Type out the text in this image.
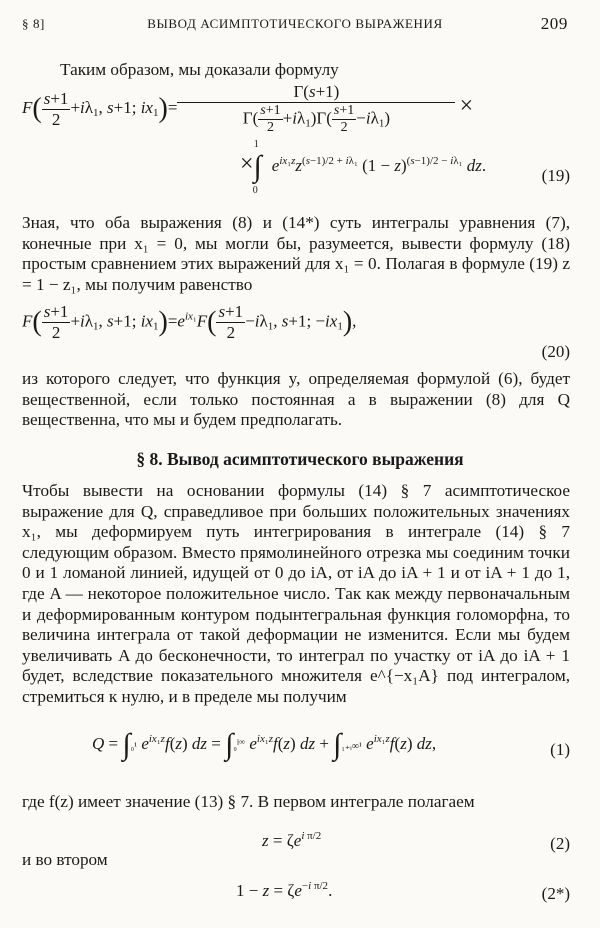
§ 8]	ВЫВОД АСИМПТОТИЧЕСКОГО ВЫРАЖЕНИЯ	209
Таким образом, мы доказали формулу
$F( \frac{s+1}{2} +i\lambda_1$, s+1; $ix_1)= \frac{\Gamma(s+1)}{\Gamma( \frac{s+1}{2} +i\lambda_1)\Gamma( \frac{s+1}{2} -i\lambda_1)}$ ×
$\times\int^1_0e^{ix_1z}z^{(s-1)/2 + i\lambda_1}$ $(1 - z)^{(s-1)/2 - i\lambda_1}$ dz.
(19)
Зная, что оба выражения (8) и (14*) суть интегралы уравнения (7), конечные при x₁ = 0, мы могли бы, разумеется, вывести формулу (18) простым сравнением этих выражений для x₁ = 0. Полагая в формуле (19) z = 1 − z₁, мы получим равенство
$F( \frac{s+1}{2} +i\lambda_1$, s+1; $ix_1)=e^{ix_1}F( \frac{s+1}{2} -i\lambda_1$, s+1; $-ix_1$),
(20)
из которого следует, что функция y, определяемая формулой (6), будет вещественной, если только постоянная a в выражении (8) для Q вещественна, что мы и будем предполагать.
§ 8. Вывод асимптотического выражения
Чтобы вывести на основании формулы (14) § 7 асимптотическое выражение для Q, справедливое при больших положительных значениях x₁, мы деформируем путь интегрирования в интеграле (14) § 7 следующим образом. Вместо прямолинейного отрезка мы соединим точки 0 и 1 ломаной линией, идущей от 0 до iA, от iA до iA + 1 и от iA + 1 до 1, где A — некоторое положительное число. Так как между первоначальным и деформированным контуром подынтегральная функция голоморфна, то величина интеграла от такой деформации не изменится. Если мы будем увеличивать A до бесконечности, то интеграл по участку от iA до iA + 1 будет, вследствие показательного множителя e^{−x₁A} под интегралом, стремиться к нулю, и в пределе мы получим
Q = ∫₀¹ $e^{ix_1z}f(z)$ dz = ∫₀$^{i\infty}$ $e^{ix_1z}f(z)$ dz + ∫₁₊ᵢ∞¹ $e^{ix_1z}f(z)$ dz,	(1)
где f(z) имеет значение (13) § 7. В первом интеграле полагаем
$z = \zeta e^{i \pi/2}$	(2)
и во втором
$1 - z = \zeta e^{-i \pi/2}$.	(2*)
